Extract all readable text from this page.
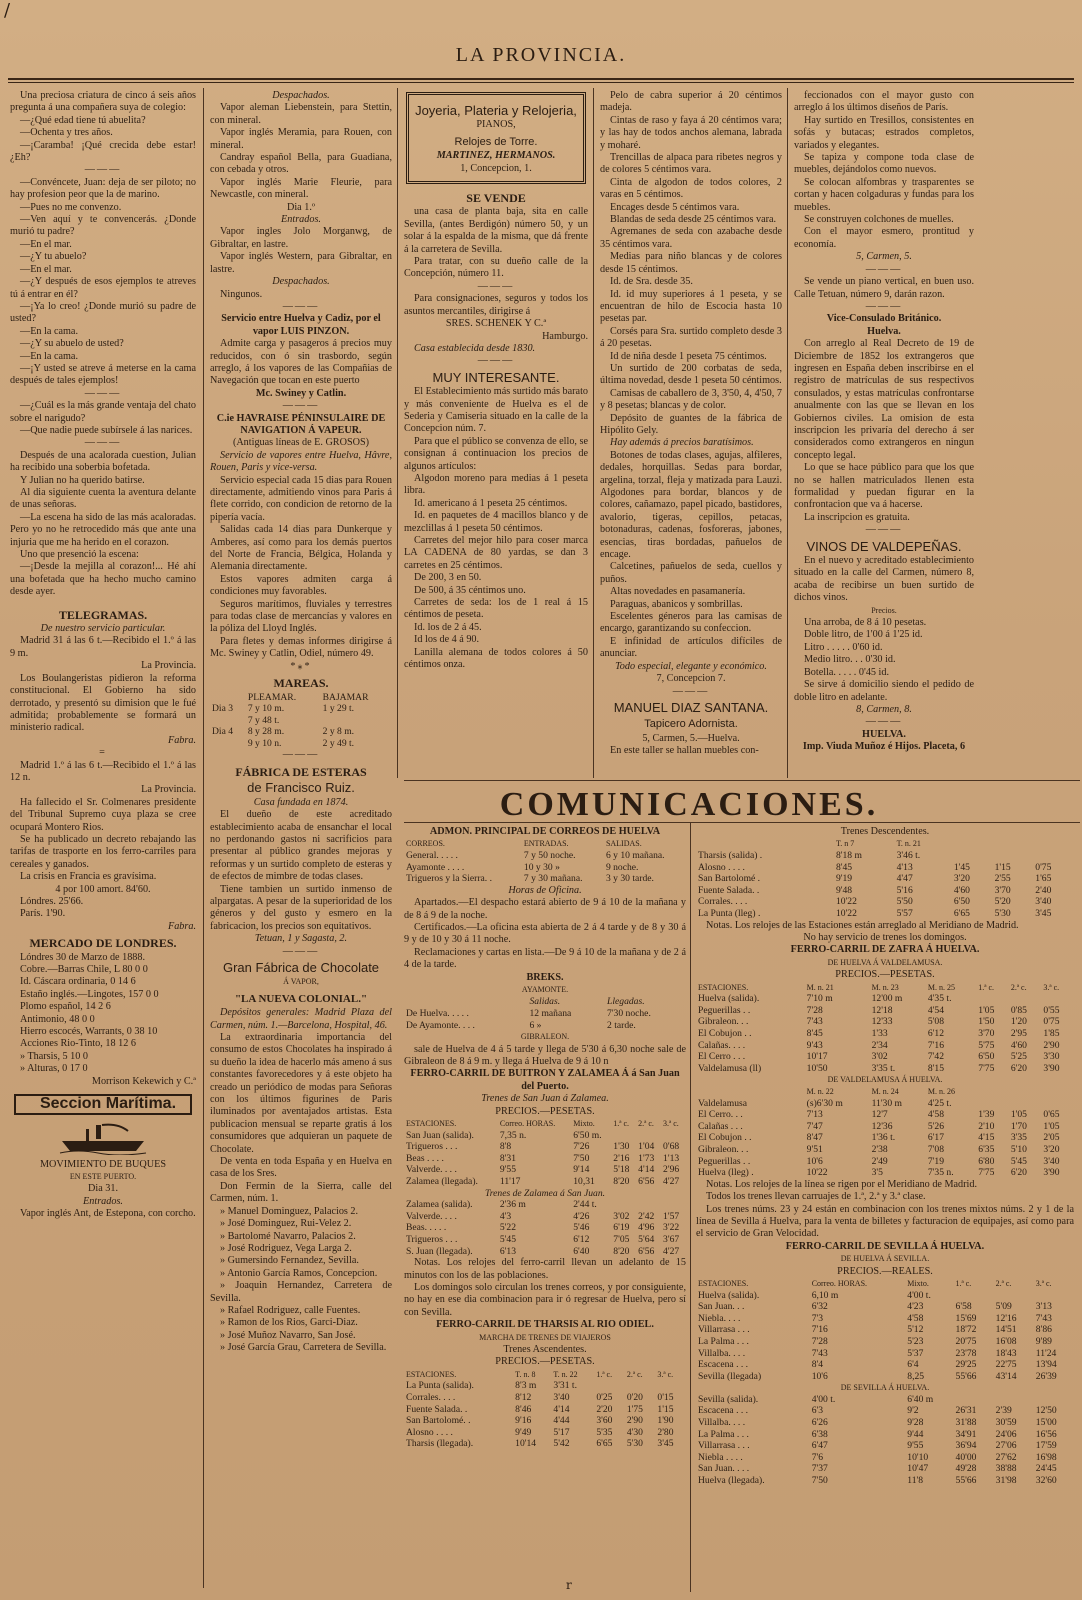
/
LA PROVINCIA.

Una preciosa criatura de cinco á seis años pregunta á una compañera suya de colegio:

—¿Qué edad tiene tú abuelita?

—Ochenta y tres años.

—¡Caramba! ¡Qué crecida debe estar! ¿Eh?

———

—Convéncete, Juan: deja de ser piloto; no hay profesion peor que la de marino.

—Pues no me convenzo.

—Ven aquí y te convencerás. ¿Donde murió tu padre?

—En el mar.

—¿Y tu abuelo?

—En el mar.

—¿Y después de esos ejemplos te atreves tú á entrar en él?

—¡Ya lo creo! ¿Donde murió su padre de usted?

—En la cama.

—¿Y su abuelo de usted?

—En la cama.

—¡Y usted se atreve á meterse en la cama después de tales ejemplos!

———

—¿Cuál es la más grande ventaja del chato sobre el narigudo?

—Que nadie puede subírsele á las narices.

———

Después de una acalorada cuestion, Julian ha recibido una soberbia bofetada.

Y Julian no ha querido batirse.

Al dia siguiente cuenta la aventura delante de unas señoras.

—La escena ha sido de las más acaloradas. Pero yo no he retrocedido más que ante una injuria que me ha herido en el corazon.

Uno que presenció la escena:

—¡Desde la mejilla al corazon!... Hé ahí una bofetada que ha hecho mucho camino desde ayer.

TELEGRAMAS.

De nuestro servicio particular.

Madrid 31 á las 6 t.—Recibido el 1.º á las 9 m.

La Provincia.

Los Boulangeristas pidieron la reforma constitucional. El Gobierno ha sido derrotado, y presentó su dimision que le fué admitida; probablemente se formará un ministerio radical.

Fabra.

=

Madrid 1.º á las 6 t.—Recibido el 1.º á las 12 n.

La Provincia.

Ha fallecido el Sr. Colmenares presidente del Tribunal Supremo cuya plaza se cree ocupará Montero Rios.

Se ha publicado un decreto rebajando las tarifas de trasporte en los ferro-carriles para cereales y ganados.

La crisis en Francia es gravísima.

4 por 100 amort. 84'60.

Lóndres. 25'66.

París. 1'90.

Fabra.

MERCADO DE LONDRES.

Lóndres 30 de Marzo de 1888.

Cobre.—Barras Chile, L 80 0 0

Id. Cáscara ordinaria, 0 14 6

Estaño inglés.—Lingotes, 157 0 0

Plomo español, 14 2 6

Antimonio, 48 0 0

Hierro escocés, Warrants, 0 38 10

Acciones Rio-Tinto, 18 12 6

» Tharsis, 5 10 0

» Alturas, 0 17 0

Morrison Kekewich y C.ª

Seccion Marítima.

MOVIMIENTO DE BUQUES

EN ESTE PUERTO.

Dia 31.

Entrados.

Vapor inglés Ant, de Estepona, con corcho.

Despachados.

Vapor aleman Liebenstein, para Stettin, con mineral.

Vapor inglés Meramia, para Rouen, con mineral.

Candray español Bella, para Guadiana, con cebada y otros.

Vapor inglés Marie Fleurie, para Newcastle, con mineral.

Dia 1.º

Entrados.

Vapor ingles Jolo Morganwg, de Gibraltar, en lastre.

Vapor inglés Western, para Gibraltar, en lastre.

Despachados.

Ningunos.

———

Servicio entre Huelva y Cadiz, por el vapor LUIS PINZON.

Admite carga y pasageros á precios muy reducidos, con ó sin trasbordo, según arreglo, á los vapores de las Compañias de Navegación que tocan en este puerto

Mc. Swiney y Catlin.

———

C.ie HAVRAISE PÉNINSULAIRE DE NAVIGATION Á VAPEUR.

(Antiguas líneas de E. GROSOS)

Servicio de vapores entre Huelva, Hâvre, Rouen, Paris y vice-versa.

Servicio especial cada 15 dias para Rouen directamente, admitiendo vinos para Paris á flete corrido, con condicion de retorno de la pipería vacía.

Salidas cada 14 dias para Dunkerque y Amberes, así como para los demás puertos del Norte de Francia, Bélgica, Holanda y Alemania directamente.

Estos vapores admiten carga á condiciones muy favorables.

Seguros marítimos, fluviales y terrestres para todas clase de mercancías y valores en la póliza del Lloyd Inglés.

Para fletes y demas informes dirigirse á Mc. Swiney y Catlin, Odiel, número 49.

*⁎*

MAREAS.

	PLEAMAR.	BAJAMAR
Dia 3	7 y 10 m.	1 y 29 t.
	7 y 48 t.	
Dia 4	8 y 28 m.	2 y 8 m.
	9 y 10 n.	2 y 49 t.

———

FÁBRICA DE ESTERAS

de Francisco Ruiz.

Casa fundada en 1874.

El dueño de este acreditado establecimiento acaba de ensanchar el local no perdonando gastos ni sacrificios para presentar al público grandes mejoras y reformas y un surtido completo de esteras y de efectos de mimbre de todas clases.

Tiene tambien un surtido inmenso de alpargatas. A pesar de la superioridad de los géneros y del gusto y esmero en la fabricacion, los precios son equitativos.

Tetuan, 1 y Sagasta, 2.

———

Gran Fábrica de Chocolate

Á VAPOR,

"LA NUEVA COLONIAL."

Depósitos generales: Madrid Plaza del Carmen, núm. 1.—Barcelona, Hospital, 46.

La extraordinaria importancia del consumo de estos Chocolates ha inspirado á su dueño la idea de hacerlo más ameno á sus constantes favorecedores y á este objeto ha creado un periódico de modas para Señoras con los últimos figurines de Paris iluminados por aventajados artistas. Esta publicacion mensual se reparte gratis á los consumidores que adquieran un paquete de Chocolate.

De venta en toda España y en Huelva en casa de los Sres.

Don Fermin de la Sierra, calle del Carmen, núm. 1.

» Manuel Dominguez, Palacios 2.

» José Dominguez, Rui-Velez 2.

» Bartolomé Navarro, Palacios 2.

» José Rodriguez, Vega Larga 2.

» Gumersindo Fernandez, Sevilla.

» Antonio García Ramos, Concepcion.

» Joaquin Hernandez, Carretera de Sevilla.

» Rafael Rodriguez, calle Fuentes.

» Ramon de los Rios, Garci-Diaz.

» José Muñoz Navarro, San José.

» José García Grau, Carretera de Sevilla.

Joyeria, Plateria y Relojeria,

PIANOS,

Relojes de Torre.

MARTINEZ, HERMANOS.

1, Concepcion, 1.

SE VENDE

una casa de planta baja, sita en calle Sevilla, (antes Berdigón) número 50, y un solar á la espalda de la misma, que dá frente á la carretera de Sevilla.

Para tratar, con su dueño calle de la Concepción, número 11.

———

Para consignaciones, seguros y todos los asuntos mercantiles, dirigirse á

SRES. SCHENEK Y C.ª

Hamburgo.

Casa establecida desde 1830.

———

MUY INTERESANTE.

El Establecimiento más surtido más barato y más conveniente de Huelva es el de Sederia y Camiseria situado en la calle de la Concepcion núm. 7.

Para que el público se convenza de ello, se consignan á continuacion los precios de algunos artículos:

Algodon moreno para medias á 1 peseta libra.

Id. americano á 1 peseta 25 céntimos.

Id. en paquetes de 4 macillos blanco y de mezclillas á 1 peseta 50 céntimos.

Carretes del mejor hilo para coser marca LA CADENA de 80 yardas, se dan 3 carretes en 25 céntimos.

De 200, 3 en 50.

De 500, á 35 céntimos uno.

Carretes de seda: los de 1 real á 15 céntimos de peseta.

Id. los de 2 á 45.

Id los de 4 á 90.

Lanilla alemana de todos colores á 50 céntimos onza.

Pelo de cabra superior á 20 céntimos madeja.

Cintas de raso y faya á 20 céntimos vara; y las hay de todos anchos alemana, labrada y moharé.

Trencillas de alpaca para ribetes negros y de colores 5 céntimos vara.

Cinta de algodon de todos colores, 2 varas en 5 céntimos.

Encages desde 5 céntimos vara.

Blandas de seda desde 25 céntimos vara.

Agremanes de seda con azabache desde 35 céntimos vara.

Medias para niño blancas y de colores desde 15 céntimos.

Id. de Sra. desde 35.

Id. id muy superiores á 1 peseta, y se encuentran de hilo de Escocia hasta 10 pesetas par.

Corsés para Sra. surtido completo desde 3 á 20 pesetas.

Id de niña desde 1 peseta 75 céntimos.

Un surtido de 200 corbatas de seda, última novedad, desde 1 peseta 50 céntimos.

Camisas de caballero de 3, 3'50, 4, 4'50, 7 y 8 pesetas; blancas y de color.

Depósito de guantes de la fábrica de Hipólito Gely.

Hay además á precios baratísimos.

Botones de todas clases, agujas, alfileres, dedales, horquillas. Sedas para bordar, argelina, torzal, fleja y matizada para Lauzi. Algodones para bordar, blancos y de colores, cañamazo, papel picado, bastidores, avalorio, tigeras, cepillos, petacas, botonaduras, cadenas, fosforeras, jabones, esencias, tiras bordadas, pañuelos de encage.

Calcetines, pañuelos de seda, cuellos y puños.

Altas novedades en pasamanería.

Paraguas, abanicos y sombrillas.

Escelentes géneros para las camisas de encargo, garantizando su confeccion.

E infinidad de artículos difíciles de anunciar.

Todo especial, elegante y económico.

7, Concepcion 7.

———

MANUEL DIAZ SANTANA.

Tapicero Adornista.

5, Carmen, 5.—Huelva.

En este taller se hallan muebles con-

feccionados con el mayor gusto con arreglo á los últimos diseños de París.

Hay surtido en Tresillos, consistentes en sofás y butacas; estrados completos, variados y elegantes.

Se tapiza y compone toda clase de muebles, dejándolos como nuevos.

Se colocan alfombras y trasparentes se cortan y hacen colgaduras y fundas para los muebles.

Se construyen colchones de muelles.

Con el mayor esmero, prontitud y economía.

5, Carmen, 5.

———

Se vende un piano vertical, en buen uso. Calle Tetuan, número 9, darán razon.

———

Vice-Consulado Británico.

Huelva.

Con arreglo al Real Decreto de 19 de Diciembre de 1852 los extrangeros que ingresen en España deben inscribirse en el registro de matrículas de sus respectivos consulados, y estas matrículas confrontarse anualmente con las que se llevan en los Gobiernos civiles. La omision de esta inscripcion les privaría del derecho á ser considerados como extrangeros en ningun concepto legal.

Lo que se hace público para que los que no se hallen matriculados llenen esta formalidad y puedan figurar en la confrontacion que va á hacerse.

La inscripcion es gratuita.

———

VINOS DE VALDEPEÑAS.

En el nuevo y acreditado establecimiento situado en la calle del Carmen, número 8, acaba de recibirse un buen surtido de dichos vinos.

Precios.

Una arroba, de 8 á 10 pesetas.

Doble litro, de 1'00 á 1'25 id.

Litro . . . . . 0'60 id.

Medio litro. . . 0'30 id.

Botella. . . . . 0'45 id.

Se sirve á domicilio siendo el pedido de doble litro en adelante.

8, Carmen, 8.

———

HUELVA.

Imp. Viuda Muñoz é Hijos. Placeta, 6

COMUNICACIONES.

ADMON. PRINCIPAL DE CORREOS DE HUELVA

CORREOS.	ENTRADAS.	SALIDAS.
General. . . . .	7 y 50 noche.	6 y 10 mañana.
Ayamonte . . . .	10 y 30 »	9 noche.
Trigueros y la Sierra. .	7 y 30 mañana.	3 y 30 tarde.

Horas de Oficina.

Apartados.—El despacho estará abierto de 9 á 10 de la mañana y de 8 á 9 de la noche.

Certificados.—La oficina esta abierta de 2 á 4 tarde y de 8 y 30 á 9 y de 10 y 30 á 11 noche.

Reclamaciones y cartas en lista.—De 9 á 10 de la mañana y de 2 á 4 de la tarde.

BREKS.

AYAMONTE.

	Salidas.	Llegadas.
De Huelva. . . . .	12 mañana	7'30 noche.
De Ayamonte. . . .	6 »	2 tarde.

GIBRALEON.

sale de Huelva de 4 á 5 tarde y llega de 5'30 á 6,30 noche sale de Gibraleon de 8 á 9 m. y llega á Huelva de 9 á 10 n

FERRO-CARRIL DE BUITRON Y ZALAMEA Á á San Juan del Puerto.

Trenes de San Juan á Zalamea.

PRECIOS.—PESETAS.

ESTACIONES.	Correo. HORAS.	Mixto.	1.ª c.	2.ª c.	3.ª c.
San Juan (salida).	7,35 n.	6'50 m.			
Trigueros . . .	8'8	7'26	1'30	1'04	0'68
Beas . . . .	8'31	7'50	2'16	1'73	1'13
Valverde. . . .	9'55	9'14	5'18	4'14	2'96
Zalamea (llegada).	11'17	10,31	8'20	6'56	4'27
Trenes de Zalamea á San Juan.					
Zalamea (salida).	2'36 m	2'44 t.			
Valverde. . . .	4'3	4'26	3'02	2'42	1'57
Beas. . . . .	5'22	5'46	6'19	4'96	3'22
Trigueros . . .	5'45	6'12	7'05	5'64	3'67
S. Juan (llegada).	6'13	6'40	8'20	6'56	4'27

Notas. Los relojes del ferro-carril llevan un adelanto de 15 minutos con los de las poblaciones.

Los domingos solo circulan los trenes correos, y por consiguiente, no hay en ese dia combinacion para ir ó regresar de Huelva, pero sí con Sevilla.

FERRO-CARRIL DE THARSIS AL RIO ODIEL.

MARCHA DE TRENES DE VIAJEROS

Trenes Ascendentes.

PRECIOS.—PESETAS.

ESTACIONES.	T. n. 8	T. n. 22	1.ª c.	2.ª c.	3.ª c.
La Punta (salida).	8'3 m	3'31 t.			
Corrales. . . .	8'12	3'40	0'25	0'20	0'15
Fuente Salada. .	8'46	4'14	2'20	1'75	1'15
San Bartolomé. .	9'16	4'44	3'60	2'90	1'90
Alosno . . . .	9'49	5'17	5'35	4'30	2'80
Tharsis (llegada).	10'14	5'42	6'65	5'30	3'45

Trenes Descendentes.

	T. n 7	T. n. 21			
Tharsis (salida) .	8'18 m	3'46 t.			
Alosno . . . .	8'45	4'13	1'45	1'15	0'75
San Bartolomé .	9'19	4'47	3'20	2'55	1'65
Fuente Salada. .	9'48	5'16	4'60	3'70	2'40
Corrales. . . .	10'22	5'50	6'50	5'20	3'40
La Punta (lleg) .	10'22	5'57	6'65	5'30	3'45

Notas. Los relojes de las Estaciones están arreglado al Meridiano de Madrid.

No hay servicio de trenes los domingos.

FERRO-CARRIL DE ZAFRA Á HUELVA.

DE HUELVA Á VALDELAMUSA.

PRECIOS.—PESETAS.

ESTACIONES.	M. n. 21	M. n. 23	M. n. 25	1.ª c.	2.ª c.	3.ª c.
Huelva (salida).	7'10 m	12'00 m	4'35 t.			
Peguerillas . .	7'28	12'18	4'54	1'05	0'85	0'55
Gibraleon. . .	7'43	12'33	5'08	1'50	1'20	0'75
El Cobujon . .	8'45	1'33	6'12	3'70	2'95	1'85
Calañas. . . .	9'43	2'34	7'16	5'75	4'60	2'90
El Cerro . . .	10'17	3'02	7'42	6'50	5'25	3'30
Valdelamusa (ll)	10'50	3'35 t.	8'15	7'75	6'20	3'90
DE VALDELAMUSA Á HUELVA.						
	M. n. 22	M. n. 24	M. n. 26			
Valdelamusa	(s)6'30 m	11'30 m	4'25 t.			
El Cerro. . .	7'13	12'7	4'58	1'39	1'05	0'65
Calañas . . .	7'47	12'36	5'26	2'10	1'70	1'05
El Cobujon . .	8'47	1'36 t.	6'17	4'15	3'35	2'05
Gibraleon. . .	9'51	2'38	7'08	6'35	5'10	3'20
Peguerillas . .	10'6	2'49	7'19	6'80	5'45	3'40
Huelva (lleg) .	10'22	3'5	7'35 n.	7'75	6'20	3'90

Notas. Los relojes de la línea se rigen por el Meridiano de Madrid.

Todos los trenes llevan carruajes de 1.ª, 2.ª y 3.ª clase.

Los trenes núms. 23 y 24 están en combinacion con los trenes mixtos núms. 2 y 1 de la línea de Sevilla á Huelva, para la venta de billetes y facturacion de equipajes, así como para el servicio de Gran Velocidad.

FERRO-CARRIL DE SEVILLA Á HUELVA.

DE HUELVA Á SEVILLA.

PRECIOS.—REALES.

ESTACIONES.	Correo. HORAS.	Mixto.	1.ª c.	2.ª c.	3.ª c.
Huelva (salida).	6,10 m	4'00 t.			
San Juan. . .	6'32	4'23	6'58	5'09	3'13
Niebla. . . .	7'3	4'58	15'69	12'16	7'43
Villarrasa . . .	7'16	5'12	18'72	14'51	8'86
La Palma . . .	7'28	5'23	20'75	16'08	9'89
Villalba. . . .	7'43	5'37	23'78	18'43	11'24
Escacena . . .	8'4	6'4	29'25	22'75	13'94
Sevilla (llegada)	10'6	8,25	55'66	43'14	26'39
DE SEVILLA Á HUELVA.					
Sevilla (salida).	4'00 t.	6'40 m			
Escacena . . .	6'3	9'2	26'31	2'39	12'50
Villalba. . . .	6'26	9'28	31'88	30'59	15'00
La Palma . . .	6'38	9'44	34'91	24'06	16'56
Villarrasa . . .	6'47	9'55	36'94	27'06	17'59
Niebla . . . .	7'6	10'10	40'00	27'62	16'98
San Juan. . . .	7'37	10'47	49'28	38'88	24'45
Huelva (llegada).	7'50	11'8	55'66	31'98	32'60
r
